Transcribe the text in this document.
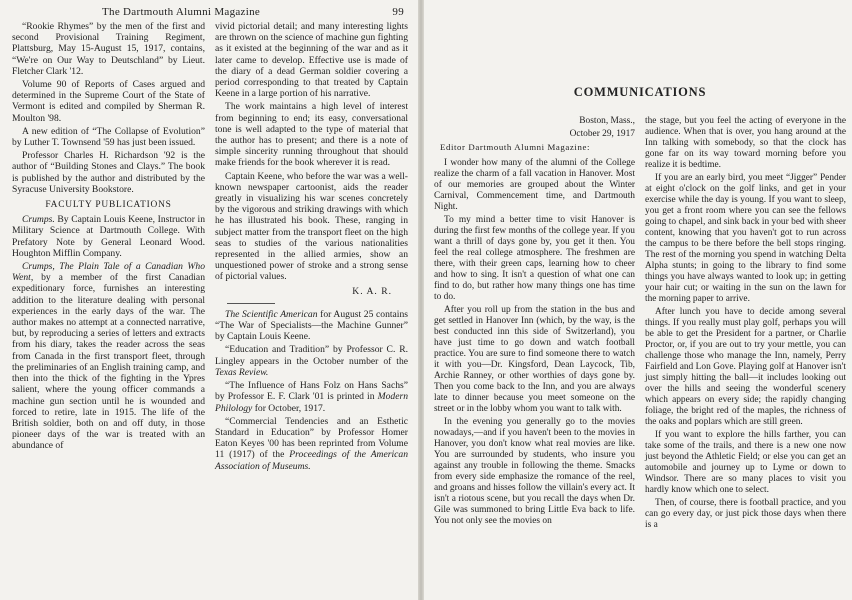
The Dartmouth Alumni Magazine	99

“Rookie Rhymes” by the men of the first and second Provisional Training Regiment, Plattsburg, May 15-August 15, 1917, contains, “We're on Our Way to Deutschland” by Lieut. Fletcher Clark '12.

Volume 90 of Reports of Cases argued and determined in the Supreme Court of the State of Vermont is edited and compiled by Sherman R. Moulton '98.

A new edition of “The Collapse of Evolution” by Luther T. Townsend '59 has just been issued.

Professor Charles H. Richardson '92 is the author of “Building Stones and Clays.” The book is published by the author and distributed by the Syracuse University Bookstore.

FACULTY PUBLICATIONS

Crumps. By Captain Louis Keene, Instructor in Military Science at Dartmouth College. With Prefatory Note by General Leonard Wood. Houghton Mifflin Company.

Crumps, The Plain Tale of a Canadian Who Went, by a member of the first Canadian expeditionary force, furnishes an interesting addition to the literature dealing with personal experiences in the early days of the war. The author makes no attempt at a connected narrative, but, by reproducing a series of letters and extracts from his diary, takes the reader across the seas from Canada in the first transport fleet, through the preliminaries of an English training camp, and then into the thick of the fighting in the Ypres salient, where the young officer commands a machine gun section until he is wounded and forced to retire, late in 1915. The life of the British soldier, both on and off duty, in those pioneer days of the war is treated with an abundance of

vivid pictorial detail; and many interesting lights are thrown on the science of machine gun fighting as it existed at the beginning of the war and as it later came to develop. Effective use is made of the diary of a dead German soldier covering a period corresponding to that treated by Captain Keene in a large portion of his narrative.

The work maintains a high level of interest from beginning to end; its easy, conversational tone is well adapted to the type of material that the author has to present; and there is a note of simple sincerity running throughout that should make friends for the book wherever it is read.

Captain Keene, who before the war was a well-known newspaper cartoonist, aids the reader greatly in visualizing his war scenes concretely by the vigorous and striking drawings with which he has illustrated his book. These, ranging in subject matter from the transport fleet on the high seas to studies of the various nationalities represented in the allied armies, show an unquestioned power of stroke and a strong sense of pictorial values.

K. A. R.

The Scientific American for August 25 contains “The War of Specialists—the Machine Gunner” by Captain Louis Keene.

“Education and Tradition” by Professor C. R. Lingley appears in the October number of the Texas Review.

“The Influence of Hans Folz on Hans Sachs” by Professor E. F. Clark '01 is printed in Modern Philology for October, 1917.

“Commercial Tendencies and an Esthetic Standard in Education” by Professor Homer Eaton Keyes '00 has been reprinted from Volume 11 (1917) of the Proceedings of the American Association of Museums.

COMMUNICATIONS

Boston, Mass.,

October 29, 1917

Editor Dartmouth Alumni Magazine:

I wonder how many of the alumni of the College realize the charm of a fall vacation in Hanover. Most of our memories are grouped about the Winter Carnival, Commencement time, and Dartmouth Night.

To my mind a better time to visit Hanover is during the first few months of the college year. If you want a thrill of days gone by, you get it then. You feel the real college atmosphere. The freshmen are there, with their green caps, learning how to cheer and how to sing. It isn't a question of what one can find to do, but rather how many things one has time to do.

After you roll up from the station in the bus and get settled in Hanover Inn (which, by the way, is the best conducted inn this side of Switzerland), you have just time to go down and watch football practice. You are sure to find someone there to watch it with you—Dr. Kingsford, Dean Laycock, Tib, Archie Ranney, or other worthies of days gone by. Then you come back to the Inn, and you are always late to dinner because you meet someone on the street or in the lobby whom you want to talk with.

In the evening you generally go to the movies nowadays,—and if you haven't been to the movies in Hanover, you don't know what real movies are like. You are surrounded by students, who insure you against any trouble in following the theme. Smacks from every side emphasize the romance of the reel, and groans and hisses follow the villain's every act. It isn't a riotous scene, but you recall the days when Dr. Gile was summoned to bring Little Eva back to life. You not only see the movies on

the stage, but you feel the acting of everyone in the audience. When that is over, you hang around at the Inn talking with somebody, so that the clock has gone far on its way toward morning before you realize it is bedtime.

If you are an early bird, you meet “Jigger” Pender at eight o'clock on the golf links, and get in your exercise while the day is young. If you want to sleep, you get a front room where you can see the fellows going to chapel, and sink back in your bed with sheer content, knowing that you haven't got to run across the campus to be there before the bell stops ringing. The rest of the morning you spend in watching Delta Alpha stunts; in going to the library to find some things you have always wanted to look up; in getting your hair cut; or waiting in the sun on the lawn for the morning paper to arrive.

After lunch you have to decide among several things. If you really must play golf, perhaps you will be able to get the President for a partner, or Charlie Proctor, or, if you are out to try your mettle, you can challenge those who manage the Inn, namely, Perry Fairfield and Lon Gove. Playing golf at Hanover isn't just simply hitting the ball—it includes looking out over the hills and seeing the wonderful scenery which appears on every side; the rapidly changing foliage, the bright red of the maples, the richness of the oaks and poplars which are still green.

If you want to explore the hills farther, you can take some of the trails, and there is a new one now just beyond the Athletic Field; or else you can get an automobile and journey up to Lyme or down to Windsor. There are so many places to visit you hardly know which one to select.

Then, of course, there is football practice, and you can go every day, or just pick those days when there is a
